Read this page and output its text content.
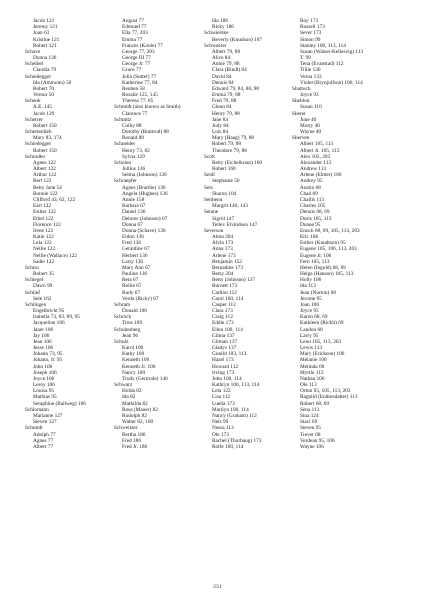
Jacob 121
Jeremy 121
Joan 63
Kristine 121
Robert 121
Schave
Donna 136
Scheibel
Claudia 79
Scheidegger
Ida (Ammonn) 50
Robert 70
Vernor 50
Schenk
A.E. 145
Jacob 129
Scherrer
Robert 150
Schertenlieb
Mary 83, 174
Schiedegger
Robert 150
Schindler
Agnes 122
Albert 122
Arthur 122
Bert 122
Betty Jane 54
Bonnie 122
Clifford 43, 62, 122
Earl 122
Esther 122
Ethel 122
Florence 122
Irene 122
Katie 122
Lela 122
Nellie 122
Nellie (Wallace) 122
Sadie 122
Schiro
Robert 35
Schlegel
Dawn 99
Schlief
Sele 162
Schlingen
Engelbricht 95
Isabella 73, 83, 89, 95
Jacqueline 106
Janet 106
Jay 106
Jean 106
Jesse 106
Johann 73, 95
Johann, Jr. 95
John 106
Joseph 106
Joyce 106
Leroy 106
Louisa 95
Mathias 95
Seraphine (Ballweg) 106
Schlomann
Marianne 127
Steven 127
Schmidt
Adolph 77
Agnes 77
Albert 77
August 77
Edmund 77
Ella 77, 203
Emma 77
Frances (Konle) 77
George 77, 203
George III 77
George Jr. 77
Grace 77
Julia (Sutter) 77
Katherine 77, 84
Reuben 58
Rosalie 125, 145
Theresa 77, 85
Schmidt (also known as Smith)
Clarence 77
Schmitz
Colby 88
Dorothy (Brattrud) 88
Ronald 88
Schneider
Henry 73, 82
Sylvia 129
Schoien
Jullius 136
Selma (Johnson) 136
Schraepfer
Agnes (Brattlie) 136
Angela (Hughes) 136
Annie 158
Barbara 67
Daniel 136
Delores (Johnson) 67
Donna 67
Donna (Schave) 136
Eldon 136
Fred 136
Geraldine 67
Herbert 136
Larry 136
Mary Ann 67
Pauline 136
Reta 67
Rollie 67
Rudy 67
Verda (Ricky) 67
Schram
Donald 106
Schrock
Titus 109
Schulenberg
Jean 96
Schulz
Karol 100
Kathy 100
Kenneth 100
Kenneth Jr. 100
Nancy 100
Trudy (Gertrude) 140
Schwarz
Hulda 82
Ida 82
Mathilda 82
Rosa (Mauer) 82
Rudolph 82
Walter 82, 100
Schweitzer
Bertha 186
Fred 186
Fred Jr. 186
Ida 186
Ricky 186
Schwierske
Beverly (Knudson) 107
Schwoerer
Albert 79, 88
Alice 84
Annie 79, 88
Clara (Bindl) 84
David 84
Dennis 84
Edward 79, 84, 88, 98
Emma 79, 88
Fred 79, 88
Glenn 84
Henry 79, 88
Jane 84
Judy 84
Lois 84
Mary (Haag) 79, 88
Robert 79, 88
Theodore 79, 88
Scott
Betty (Eichelkraut) 160
Robert 160
Seidl
Stephanie 50
Seis
Sharon 104
Senbenn
Margrit 140, 143
Setane
Sigrid 147
Tellev Elvindson 147
Severson
Alma 204
Alvin 173
Anna 173
Arlene 173
Benjamin 152
Bernadine 173
Betsy 204
Betty (Johnson) 137
Burnett 173
Carlton 112
Carol 100, 114
Casper 112
Clara 173
Craig 112
Eddie 173
Ellen 100, 114
Gilma 137
Gilman 137
Gladys 137
Gunild 103, 113
Hazel 173
Howard 112
Irving 173
John 100, 114
Kathryn 100, 113, 114
Lela 122
Lisa 112
Luella 173
Marilyn 100, 114
Nancy (Graham) 112
Nels 99
Nessa 113
Ole 173
Rachel (Thorbaug) 173
Rolfe 100, 114
Roy 173
Russell 173
Sever 173
Simon 99
Stanley 100, 113, 114
Susan (Walser-Kellesvig) 113
T. 99
Tena (Evanstad) 112
Tillie 130
Verna 133
Violet (Brynjulfson) 100, 114
Shattuch
Joyce 93
Sheldon
Susan 110
Sherer
June 40
Morty 40
Wayne 40
Sherven
Albert 105, 113
Albert Jr. 105, 113
Alex 105, 203
Alexander 113
Andrew 113
Arlene (Elmer) 106
Audrey 95
Austin 68
Chad 69
Challis 113
Charles 105
Dennis 68, 69
Doris 105, 113
Duane 95
Enoch 68, 69, 105, 113, 203
Eric 106
Esther (Knudtson) 95
Eugene 105, 106, 113, 203
Eugene Jr. 106
Fern 105, 113
Helen (Ingold) 68, 69
Helga (Hanson) 105, 113
Holly 106
Ida 113
Jean (Norton) 68
Jerome 95
Joan 106
Joyce 95
Karen 68, 69
Kathleen (Rickli) 69
Landon 68
Larry 95
Leon 105, 113, 203
Lewis 113
Mary (Erickson) 106
Melanie 106
Melinda 68
Myrtle 113
Nathan 106
Ole 113
Orton 95, 105, 113, 203
Ragnild (Endresdatter) 113
Robert 68, 69
Sena 113
Sina 124
Staci 69
Steven 95
Trever 68
Verdean 95, 106
Wayne 106
231
